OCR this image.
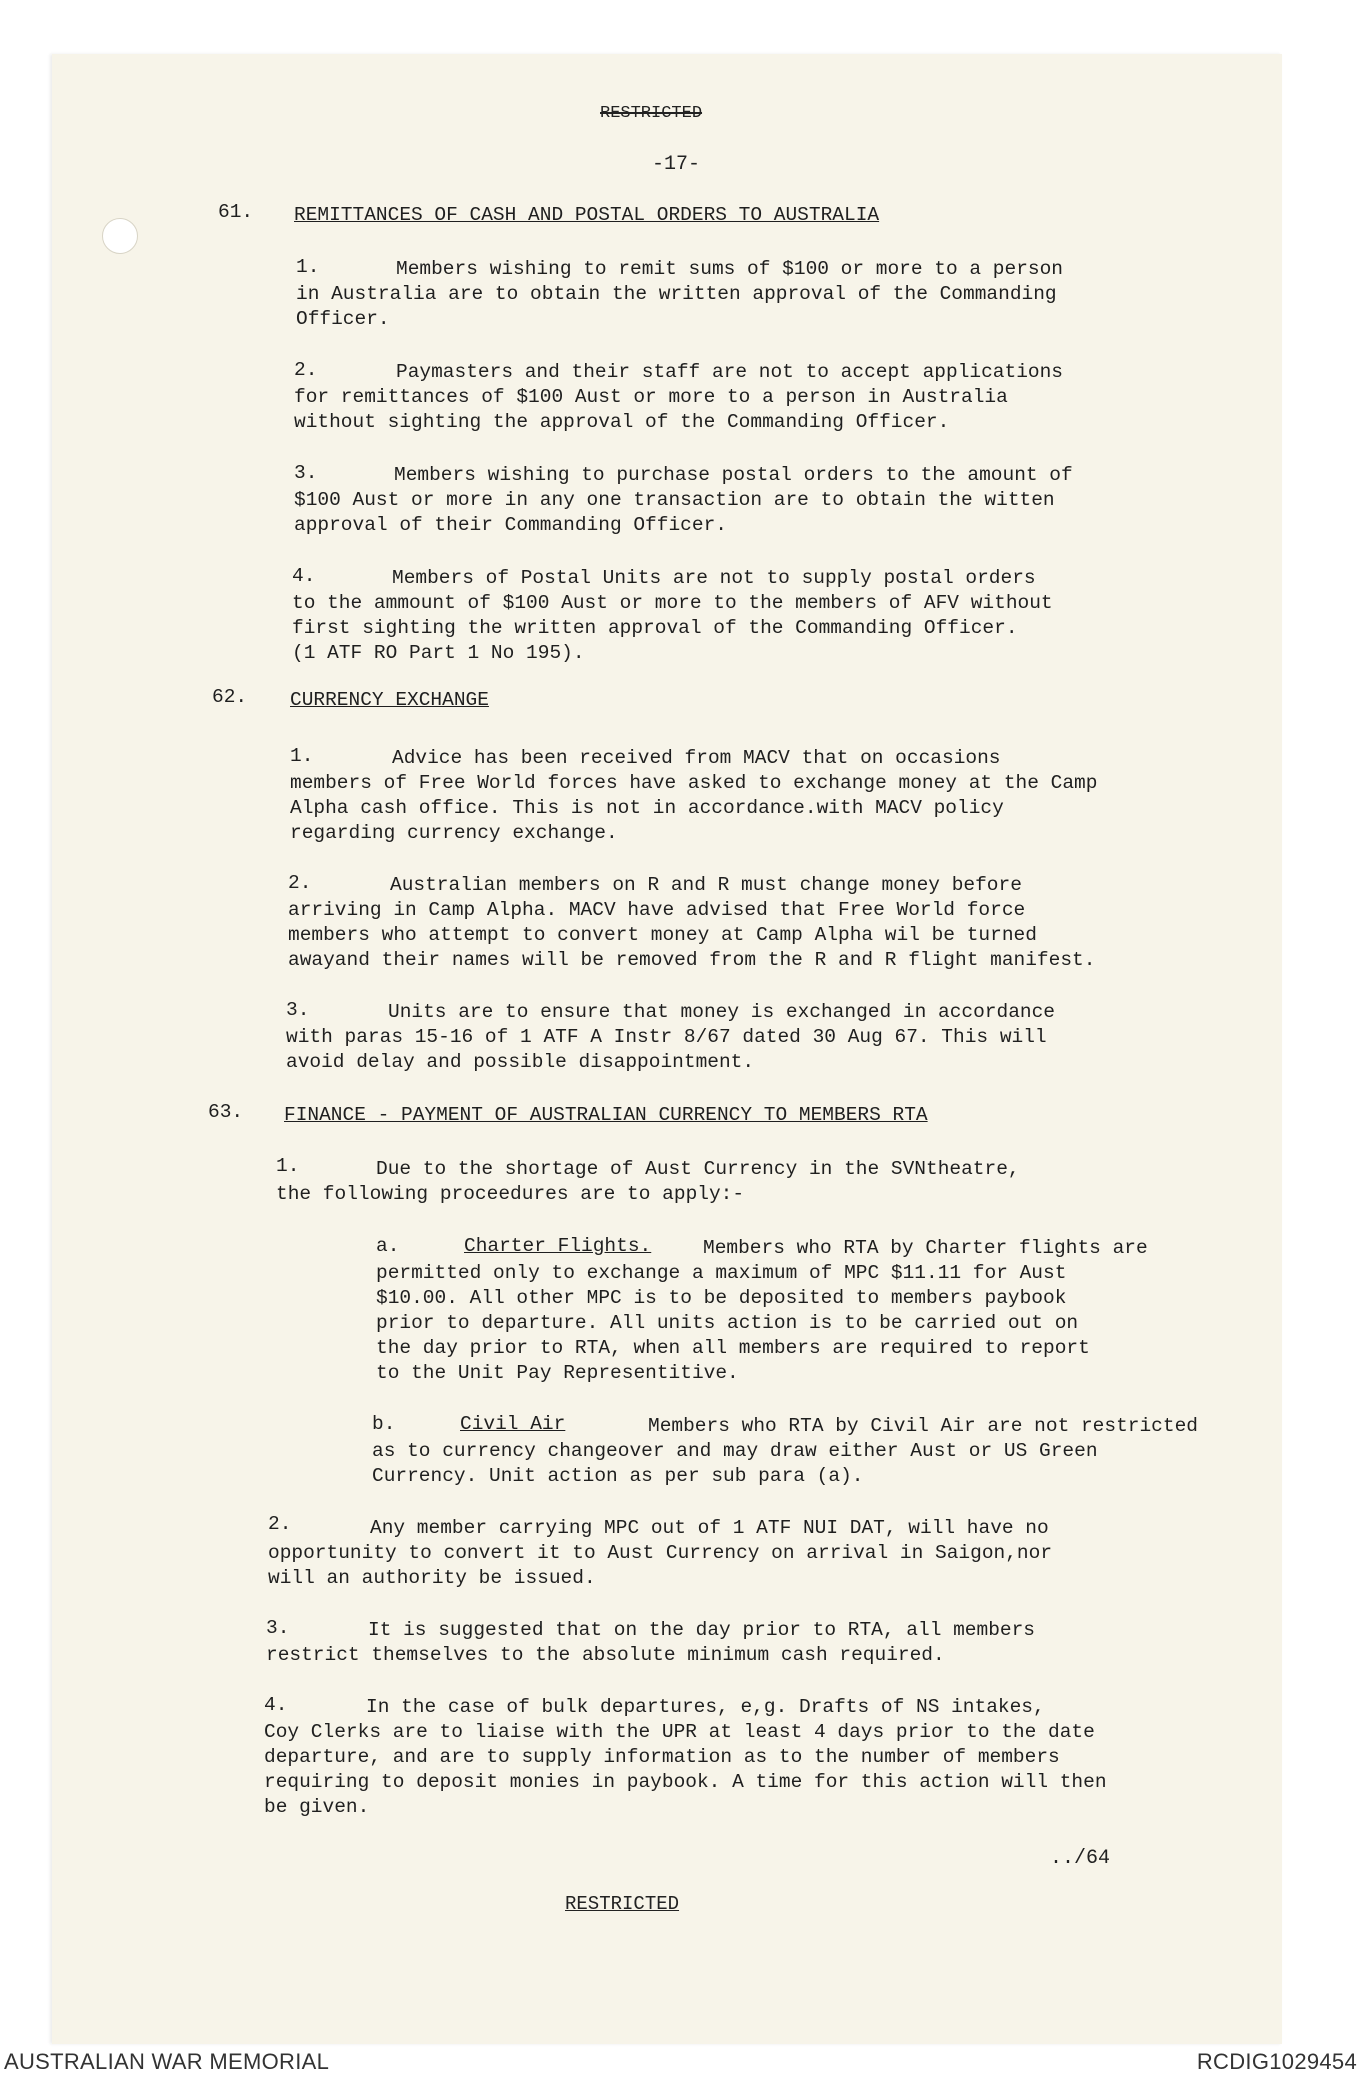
RESTRICTED
-17-
61. REMITTANCES OF CASH AND POSTAL ORDERS TO AUSTRALIA
1.	Members wishing to remit sums of $100 or more to a person
in Australia are to obtain the written approval of the Commanding
Officer.
2.	Paymasters and their staff are not to accept applications
for remittances of $100 Aust or more to a person in Australia
without sighting the approval of the Commanding Officer.
3.	Members wishing to purchase postal orders to the amount of
$100 Aust or more in any one transaction are to obtain the witten
approval of their Commanding Officer.
4.	Members of Postal Units are not to supply postal orders
to the ammount of $100 Aust or more to the members of AFV without
first sighting the written approval of the Commanding Officer.
(1 ATF RO Part 1 No 195).
62. CURRENCY EXCHANGE
1.	Advice has been received from MACV that on occasions
members of Free World forces have asked to exchange money at the Camp
Alpha cash office. This is not in accordance.with MACV policy
regarding currency exchange.
2.	Australian members on R and R must change money before
arriving in Camp Alpha. MACV have advised that Free World force
members who attempt to convert money at Camp Alpha wil be turned
awayand their names will be removed from the R and R flight manifest.
3.	Units are to ensure that money is exchanged in accordance
with paras 15-16 of 1 ATF A Instr 8/67 dated 30 Aug 67. This will
avoid delay and possible disappointment.
63. FINANCE - PAYMENT OF AUSTRALIAN CURRENCY TO MEMBERS RTA
1.	Due to the shortage of Aust Currency in the SVNtheatre,
the following proceedures are to apply:-
a.	Charter Flights.	Members who RTA by Charter flights are
permitted only to exchange a maximum of MPC $11.11 for Aust
$10.00. All other MPC is to be deposited to members paybook
prior to departure. All units action is to be carried out on
the day prior to RTA, when all members are required to report
to the Unit Pay Representitive.
b.	Civil Air	Members who RTA by Civil Air are not restricted
as to currency changeover and may draw either Aust or US Green
Currency. Unit action as per sub para (a).
2.	Any member carrying MPC out of 1 ATF NUI DAT, will have no
opportunity to convert it to Aust Currency on arrival in Saigon,nor
will an authority be issued.
3.	It is suggested that on the day prior to RTA, all members
restrict themselves to the absolute minimum cash required.
4.	In the case of bulk departures, e,g. Drafts of NS intakes,
Coy Clerks are to liaise with the UPR at least 4 days prior to the date
departure, and are to supply information as to the number of members
requiring to deposit monies in paybook. A time for this action will then
be given.
../64
RESTRICTED
AUSTRALIAN WAR MEMORIAL	RCDIG1029454
